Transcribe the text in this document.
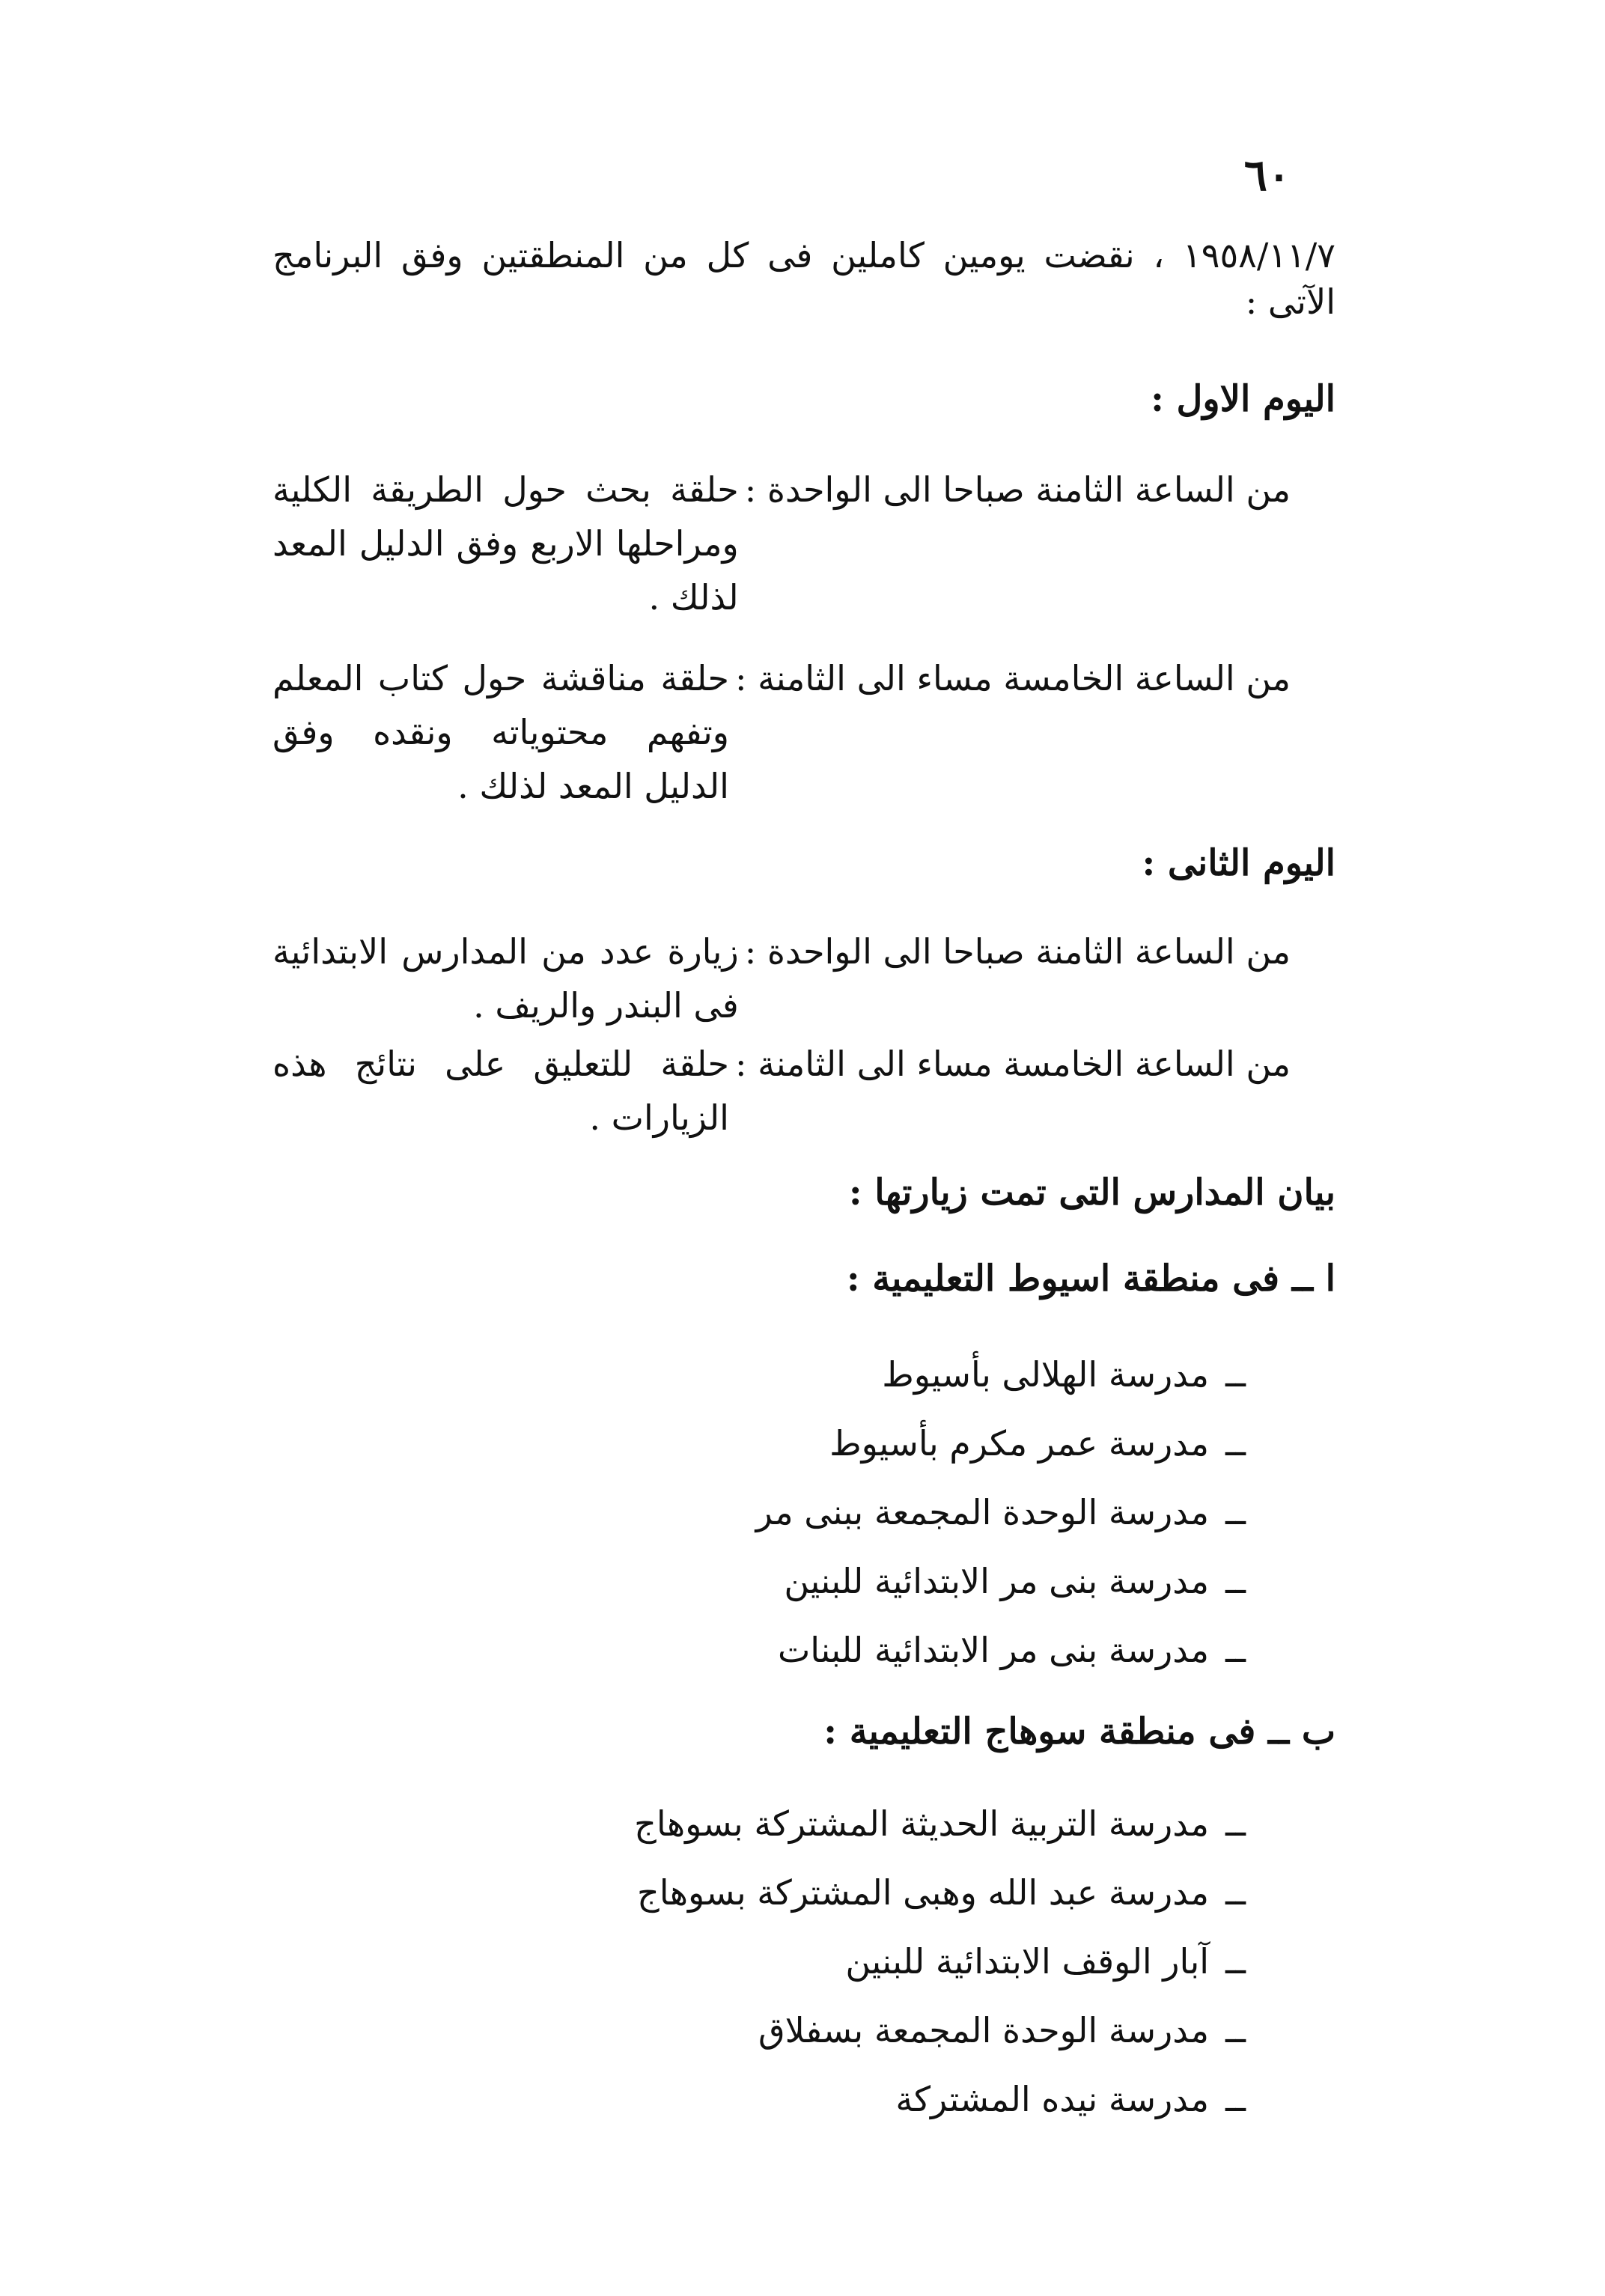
٦٠
١٩٥٨/١١/٧ ، نقضت يومين كاملين فى كل من المنطقتين وفق البرنامج الآتى :
اليوم الاول :
من الساعة الثامنة صباحا الى الواحدة :
حلقة بحث حول الطريقة الكلية ومراحلها الاربع وفق الدليل المعد لذلك .
من الساعة الخامسة مساء الى الثامنة :
حلقة مناقشة حول كتاب المعلم وتفهم محتوياته ونقده وفق الدليل المعد لذلك .
اليوم الثانى :
من الساعة الثامنة صباحا الى الواحدة :
زيارة عدد من المدارس الابتدائية فى البندر والريف .
من الساعة الخامسة مساء الى الثامنة :
حلقة للتعليق على نتائج هذه الزيارات .
بيان المدارس التى تمت زيارتها :
ا ــ فى منطقة اسيوط التعليمية :
ــمدرسة الهلالى بأسيوط
ــمدرسة عمر مكرم بأسيوط
ــمدرسة الوحدة المجمعة ببنى مر
ــمدرسة بنى مر الابتدائية للبنين
ــمدرسة بنى مر الابتدائية للبنات
ب ــ فى منطقة سوهاج التعليمية :
ــمدرسة التربية الحديثة المشتركة بسوهاج
ــمدرسة عبد الله وهبى المشتركة بسوهاج
ــآبار الوقف الابتدائية للبنين
ــمدرسة الوحدة المجمعة بسفلاق
ــمدرسة نيده المشتركة
